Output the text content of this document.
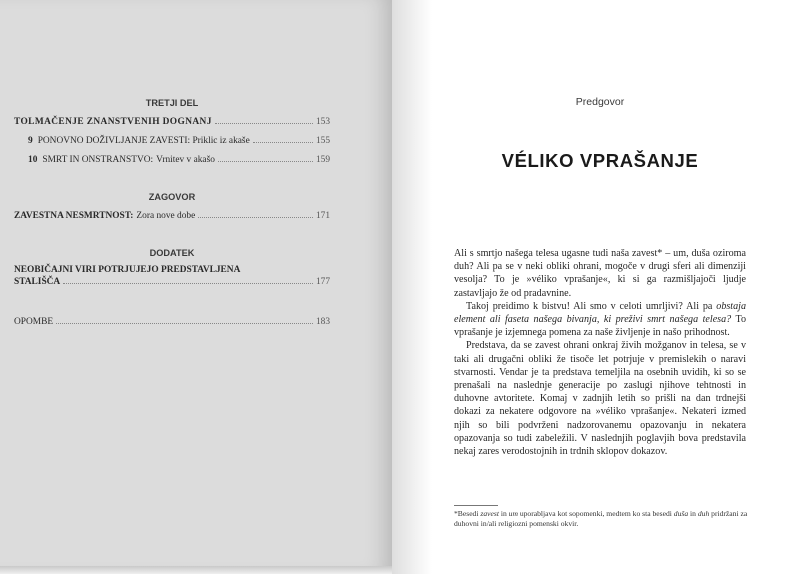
TRETJI DEL
TOLMAČENJE ZNANSTVENIH DOGNANJ	153
9 PONOVNO DOŽIVLJANJE ZAVESTI: Priklic iz akaše	155
10 SMRT IN ONSTRANSTVO: Vrnitev v akašo	159
ZAGOVOR
ZAVESTNA NESMRTNOST: Zora nove dobe	171
DODATEK
NEOBIČAJNI VIRI POTRJUJEJO PREDSTAVLJENA
STALIŠČA	177
OPOMBE	183
Predgovor
VÉLIKO VPRAŠANJE

Ali s smrtjo našega telesa ugasne tudi naša zavest* – um, duša oziroma duh? Ali pa se v neki obliki ohrani, mogoče v drugi sferi ali dimenziji vesolja? To je »véliko vprašanje«, ki si ga razmišljajoči ljudje zastavljajo že od pradavnine.

Takoj preidimo k bistvu! Ali smo v celoti umrljivi? Ali pa obstaja element ali faseta našega bivanja, ki preživi smrt našega telesa? To vprašanje je izjemnega pomena za naše življenje in našo prihodnost.

Predstava, da se zavest ohrani onkraj živih možganov in telesa, se v taki ali drugačni obliki že tisoče let potrjuje v premislekih o naravi stvarnosti. Vendar je ta predstava temeljila na osebnih uvidih, ki so se prenašali na naslednje generacije po zaslugi njihove tehtnosti in duhovne avtoritete. Komaj v zadnjih letih so prišli na dan trdnejši dokazi za nekatere odgovore na »véliko vprašanje«. Nekateri izmed njih so bili podvrženi nadzorovanemu opazovanju in nekatera opazovanja so tudi zabeležili. V naslednjih poglavjih bova predstavila nekaj zares verodostojnih in trdnih sklopov dokazov.

*Besedi zavest in um uporabljava kot sopomenki, medtem ko sta besedi duša in duh pridržani za duhovni in/ali religiozni pomenski okvir.
